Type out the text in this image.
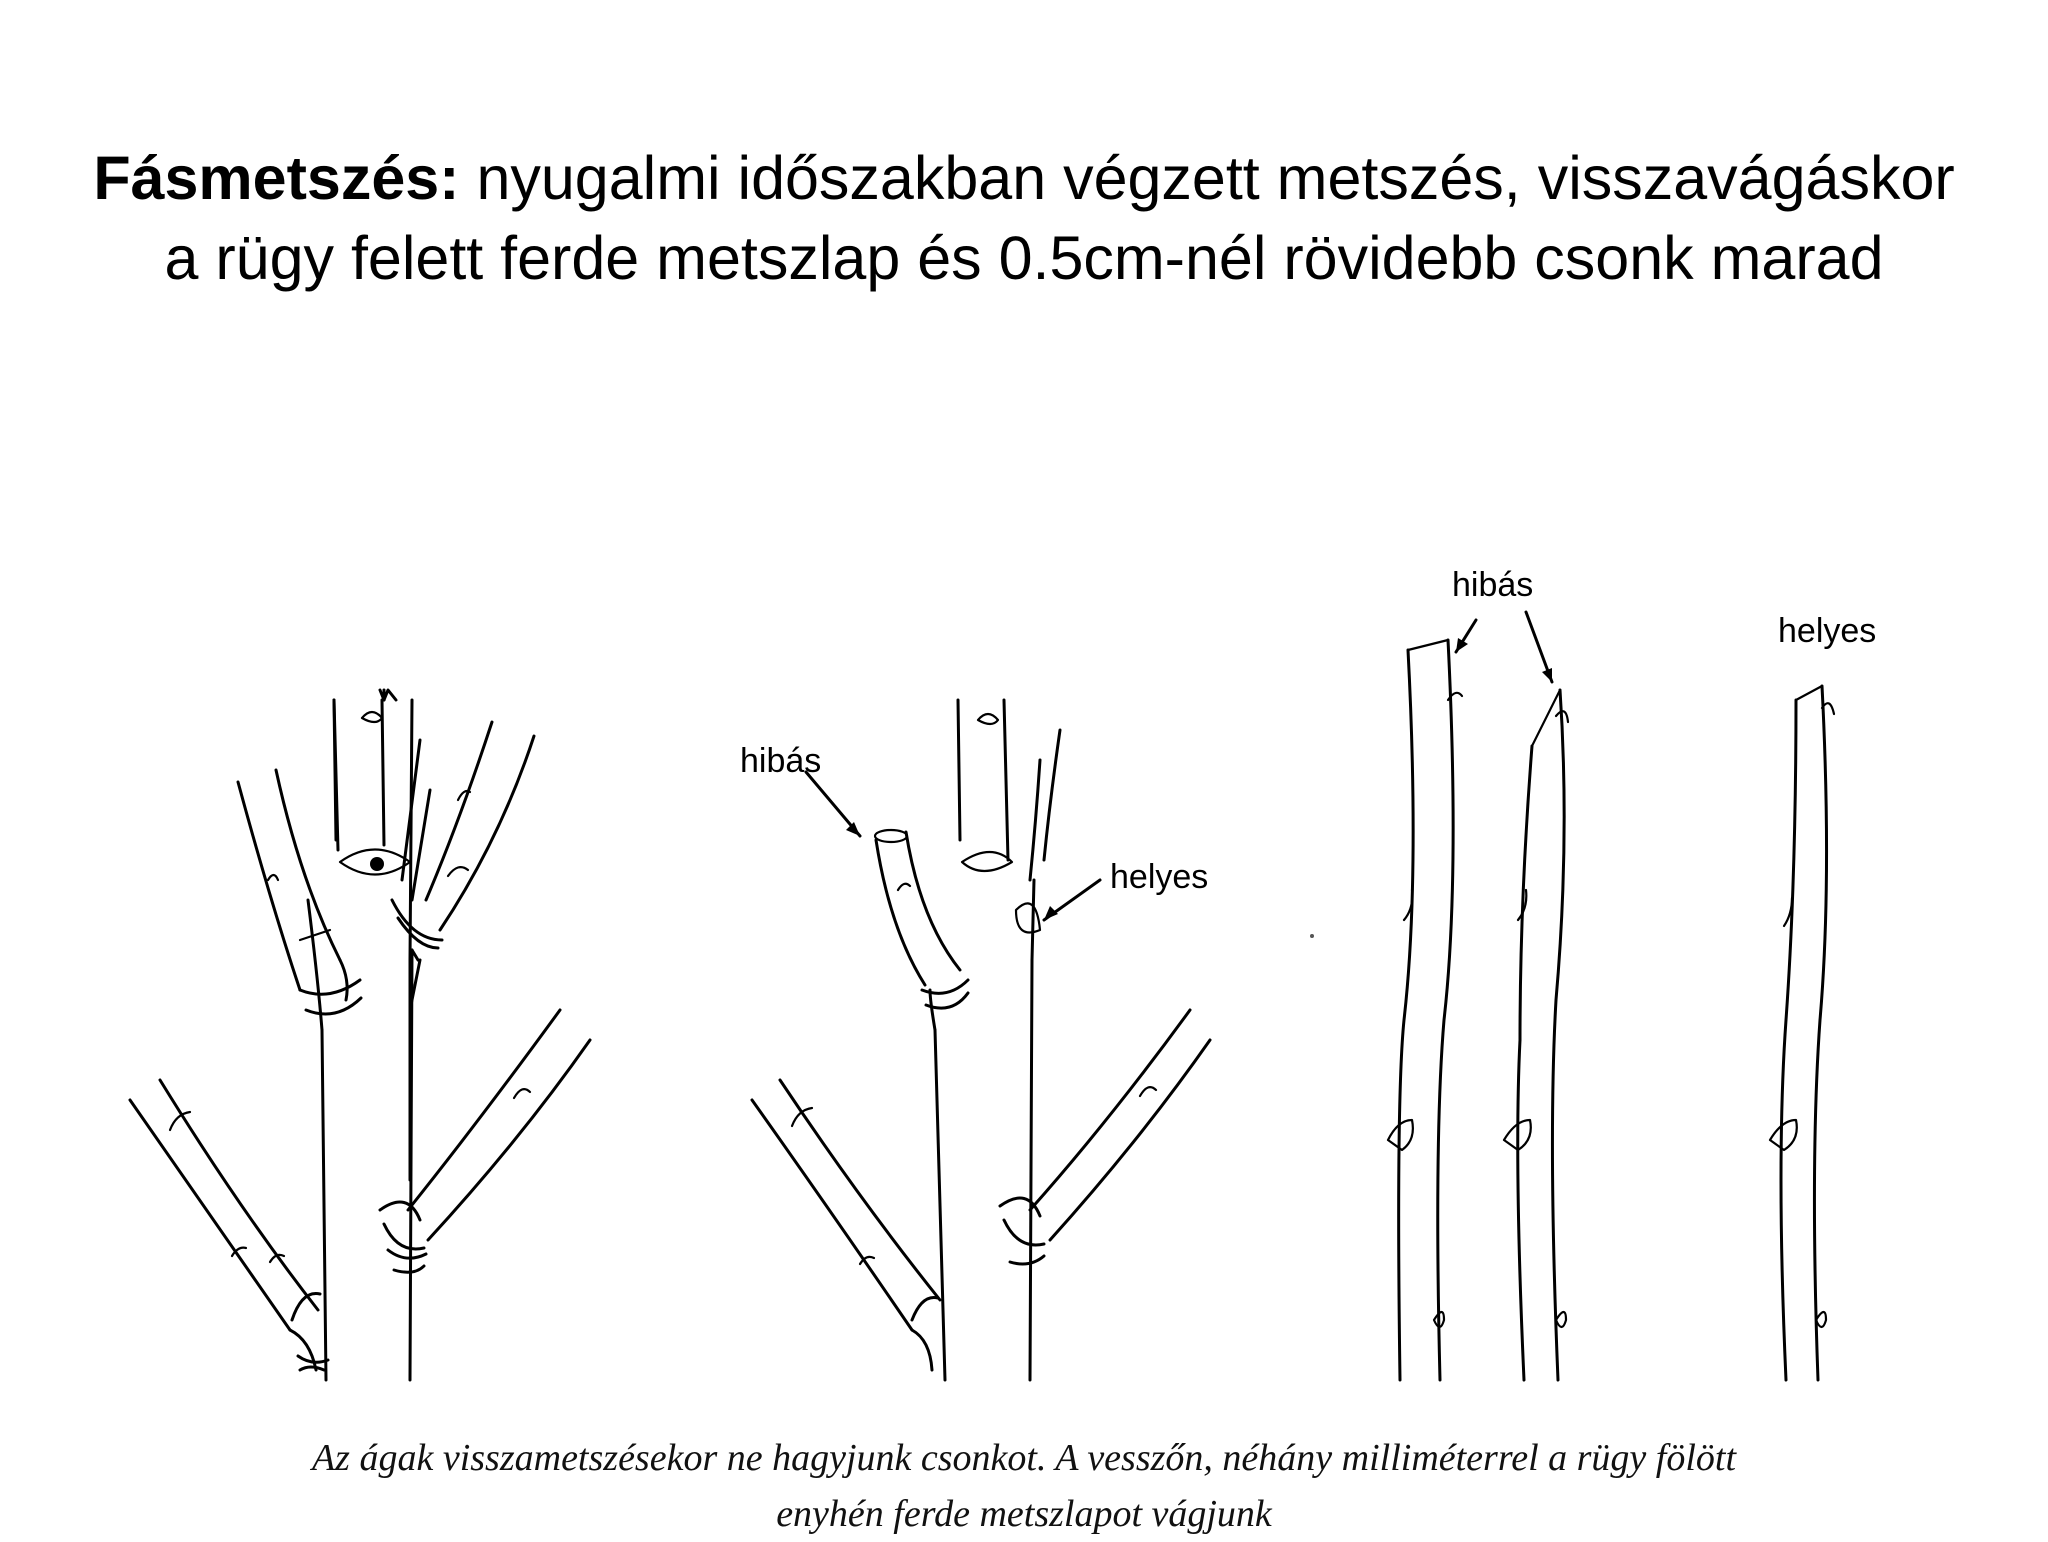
Fásmetszés: nyugalmi időszakban végzett metszés, visszavágáskor
a rügy felett ferde metszlap és 0.5cm-nél rövidebb csonk marad
hibás
helyes
hibás
helyes
Az ágak visszametszésekor ne hagyjunk csonkot. A vesszőn, néhány milliméterrel a rügy fölött
enyhén ferde metszlapot vágjunk
